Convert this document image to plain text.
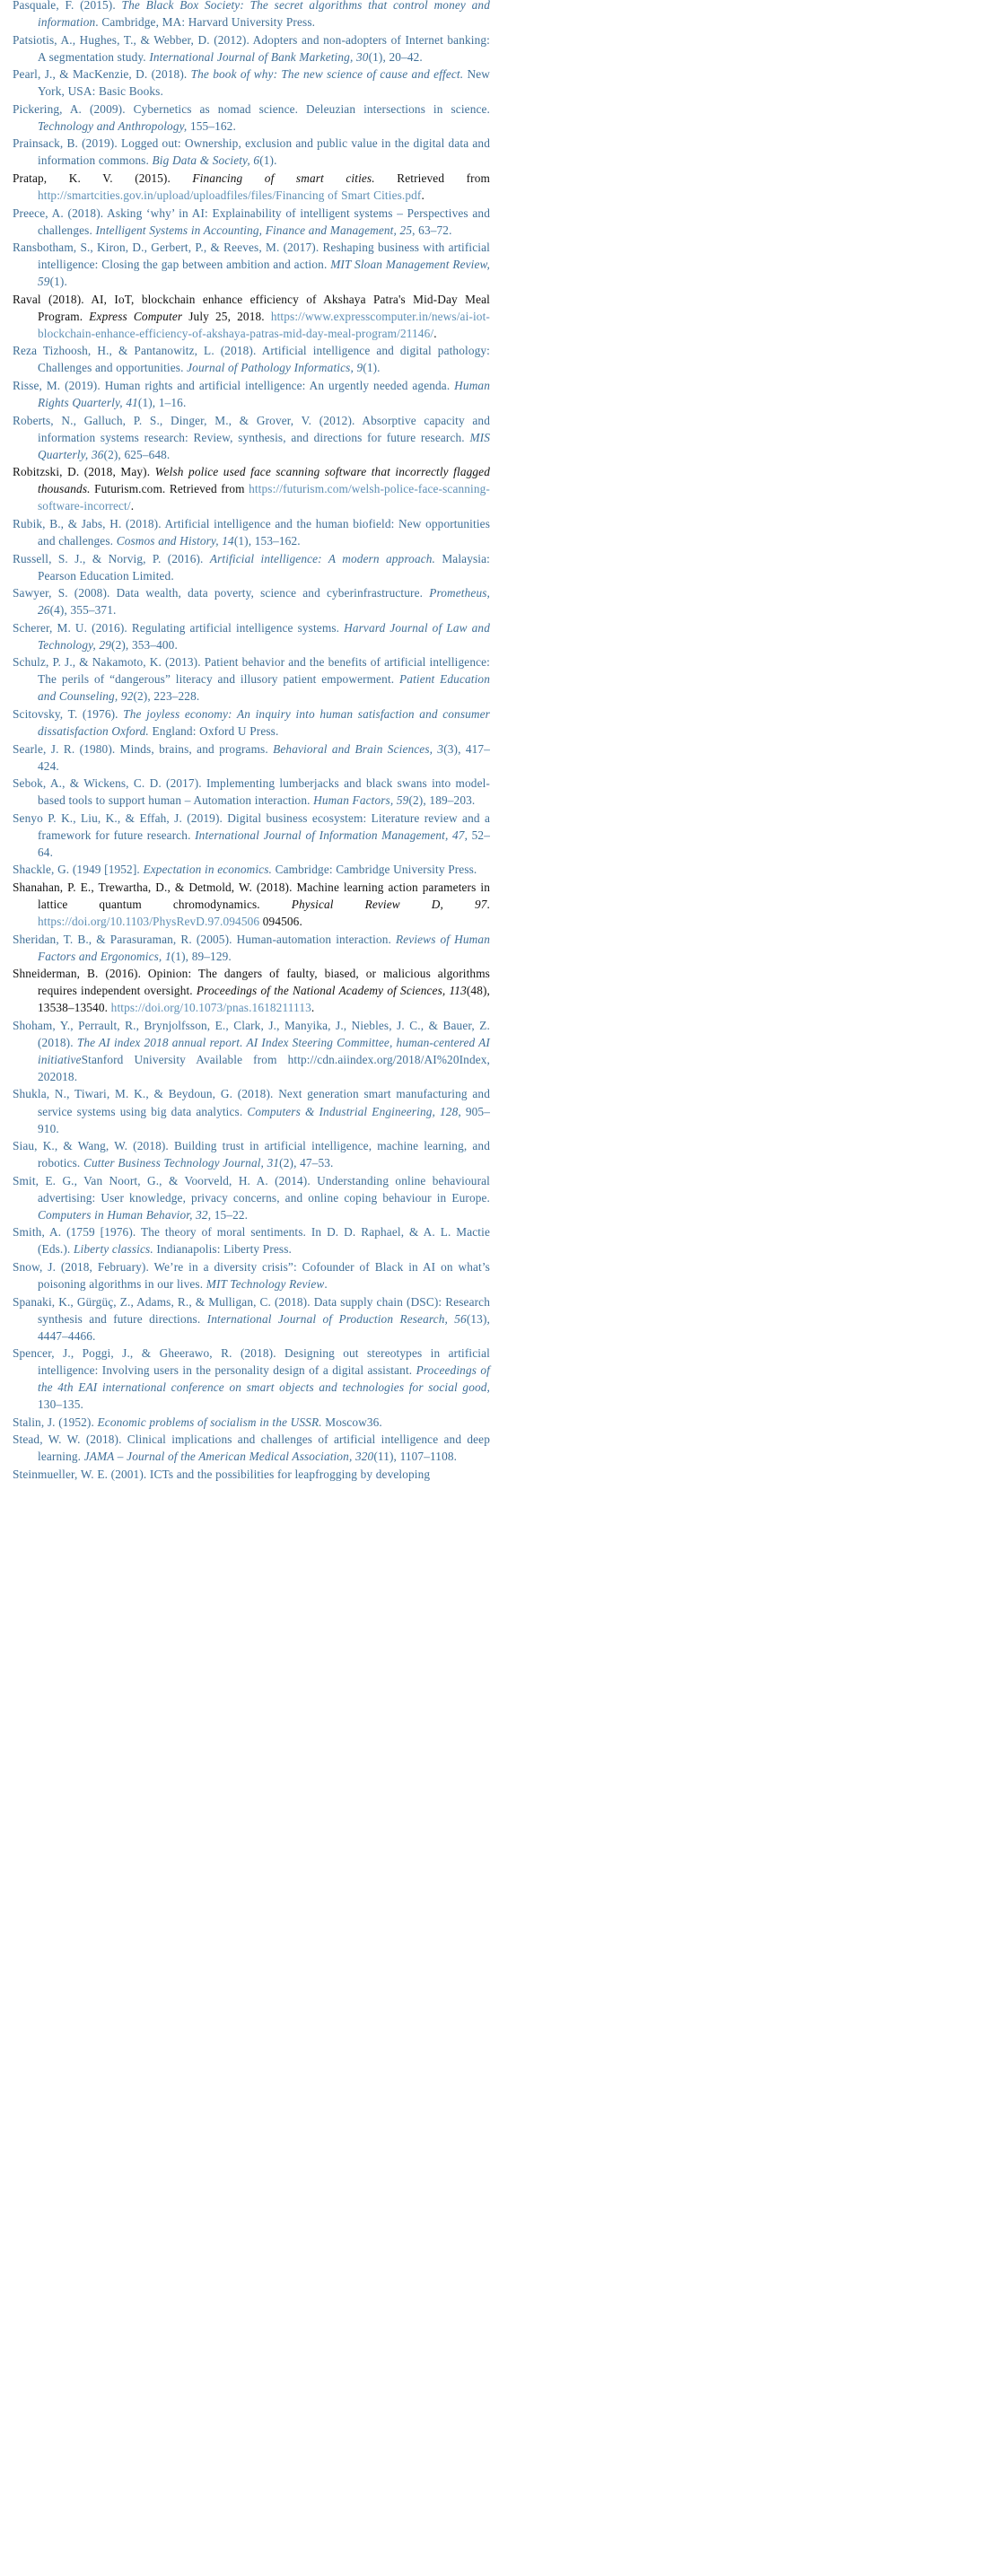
Pasquale, F. (2015). The Black Box Society: The secret algorithms that control money and information. Cambridge, MA: Harvard University Press.

Patsiotis, A., Hughes, T., & Webber, D. (2012). Adopters and non-adopters of Internet banking: A segmentation study. International Journal of Bank Marketing, 30(1), 20–42.

Pearl, J., & MacKenzie, D. (2018). The book of why: The new science of cause and effect. New York, USA: Basic Books.

Pickering, A. (2009). Cybernetics as nomad science. Deleuzian intersections in science. Technology and Anthropology, 155–162.

Prainsack, B. (2019). Logged out: Ownership, exclusion and public value in the digital data and information commons. Big Data & Society, 6(1).

Pratap, K. V. (2015). Financing of smart cities. Retrieved from http://smartcities.gov.in/upload/uploadfiles/files/Financing of Smart Cities.pdf.

Preece, A. (2018). Asking ‘why’ in AI: Explainability of intelligent systems – Perspectives and challenges. Intelligent Systems in Accounting, Finance and Management, 25, 63–72.

Ransbotham, S., Kiron, D., Gerbert, P., & Reeves, M. (2017). Reshaping business with artificial intelligence: Closing the gap between ambition and action. MIT Sloan Management Review, 59(1).

Raval (2018). AI, IoT, blockchain enhance efficiency of Akshaya Patra's Mid-Day Meal Program. Express Computer July 25, 2018. https://www.expresscomputer.in/news/ai-iot-blockchain-enhance-efficiency-of-akshaya-patras-mid-day-meal-program/21146/.

Reza Tizhoosh, H., & Pantanowitz, L. (2018). Artificial intelligence and digital pathology: Challenges and opportunities. Journal of Pathology Informatics, 9(1).

Risse, M. (2019). Human rights and artificial intelligence: An urgently needed agenda. Human Rights Quarterly, 41(1), 1–16.

Roberts, N., Galluch, P. S., Dinger, M., & Grover, V. (2012). Absorptive capacity and information systems research: Review, synthesis, and directions for future research. MIS Quarterly, 36(2), 625–648.

Robitzski, D. (2018, May). Welsh police used face scanning software that incorrectly flagged thousands. Futurism.com. Retrieved from https://futurism.com/welsh-police-face-scanning-software-incorrect/.

Rubik, B., & Jabs, H. (2018). Artificial intelligence and the human biofield: New opportunities and challenges. Cosmos and History, 14(1), 153–162.

Russell, S. J., & Norvig, P. (2016). Artificial intelligence: A modern approach. Malaysia: Pearson Education Limited.

Sawyer, S. (2008). Data wealth, data poverty, science and cyberinfrastructure. Prometheus, 26(4), 355–371.

Scherer, M. U. (2016). Regulating artificial intelligence systems. Harvard Journal of Law and Technology, 29(2), 353–400.

Schulz, P. J., & Nakamoto, K. (2013). Patient behavior and the benefits of artificial intelligence: The perils of “dangerous” literacy and illusory patient empowerment. Patient Education and Counseling, 92(2), 223–228.

Scitovsky, T. (1976). The joyless economy: An inquiry into human satisfaction and consumer dissatisfaction Oxford. England: Oxford U Press.

Searle, J. R. (1980). Minds, brains, and programs. Behavioral and Brain Sciences, 3(3), 417–424.

Sebok, A., & Wickens, C. D. (2017). Implementing lumberjacks and black swans into model-based tools to support human – Automation interaction. Human Factors, 59(2), 189–203.

Senyo P. K., Liu, K., & Effah, J. (2019). Digital business ecosystem: Literature review and a framework for future research. International Journal of Information Management, 47, 52–64.

Shackle, G. (1949 [1952]. Expectation in economics. Cambridge: Cambridge University Press.

Shanahan, P. E., Trewartha, D., & Detmold, W. (2018). Machine learning action parameters in lattice quantum chromodynamics. Physical Review D, 97. https://doi.org/10.1103/PhysRevD.97.094506 094506.

Sheridan, T. B., & Parasuraman, R. (2005). Human-automation interaction. Reviews of Human Factors and Ergonomics, 1(1), 89–129.

Shneiderman, B. (2016). Opinion: The dangers of faulty, biased, or malicious algorithms requires independent oversight. Proceedings of the National Academy of Sciences, 113(48), 13538–13540. https://doi.org/10.1073/pnas.1618211113.

Shoham, Y., Perrault, R., Brynjolfsson, E., Clark, J., Manyika, J., Niebles, J. C., & Bauer, Z. (2018). The AI index 2018 annual report. AI Index Steering Committee, human-centered AI initiativeStanford University Available from http://cdn.aiindex.org/2018/AI%20Index, 202018.

Shukla, N., Tiwari, M. K., & Beydoun, G. (2018). Next generation smart manufacturing and service systems using big data analytics. Computers & Industrial Engineering, 128, 905–910.

Siau, K., & Wang, W. (2018). Building trust in artificial intelligence, machine learning, and robotics. Cutter Business Technology Journal, 31(2), 47–53.

Smit, E. G., Van Noort, G., & Voorveld, H. A. (2014). Understanding online behavioural advertising: User knowledge, privacy concerns, and online coping behaviour in Europe. Computers in Human Behavior, 32, 15–22.

Smith, A. (1759 [1976). The theory of moral sentiments. In D. D. Raphael, & A. L. Mactie (Eds.). Liberty classics. Indianapolis: Liberty Press.

Snow, J. (2018, February). We’re in a diversity crisis”: Cofounder of Black in AI on what’s poisoning algorithms in our lives. MIT Technology Review.

Spanaki, K., Gürgüç, Z., Adams, R., & Mulligan, C. (2018). Data supply chain (DSC): Research synthesis and future directions. International Journal of Production Research, 56(13), 4447–4466.

Spencer, J., Poggi, J., & Gheerawo, R. (2018). Designing out stereotypes in artificial intelligence: Involving users in the personality design of a digital assistant. Proceedings of the 4th EAI international conference on smart objects and technologies for social good, 130–135.

Stalin, J. (1952). Economic problems of socialism in the USSR. Moscow36.

Stead, W. W. (2018). Clinical implications and challenges of artificial intelligence and deep learning. JAMA – Journal of the American Medical Association, 320(11), 1107–1108.

Steinmueller, W. E. (2001). ICTs and the possibilities for leapfrogging by developing
